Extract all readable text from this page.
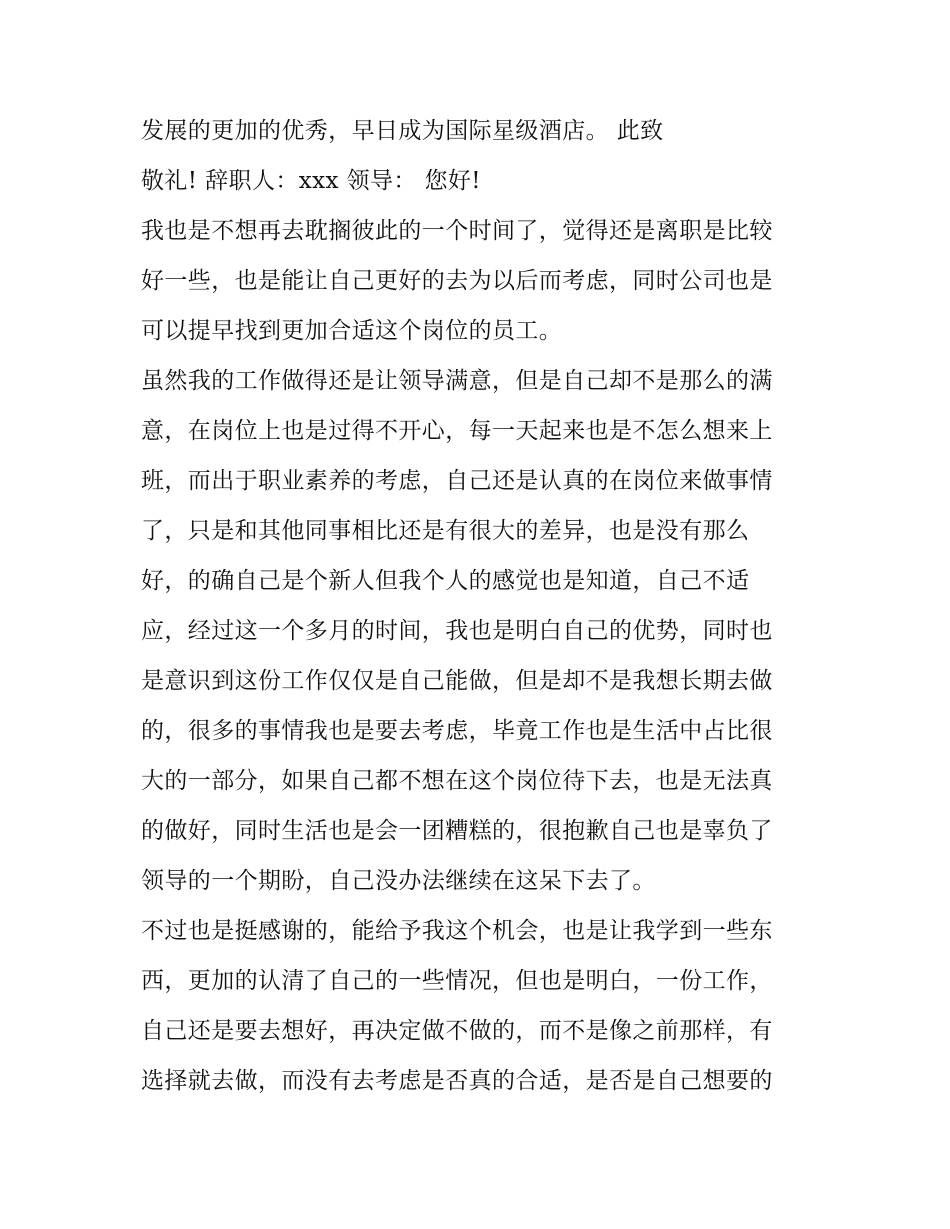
发展的更加的优秀，早日成为国际星级酒店。 此致
敬礼! 辞职人：xxx 领导： 您好!
我也是不想再去耽搁彼此的一个时间了，觉得还是离职是比较
好一些，也是能让自己更好的去为以后而考虑，同时公司也是
可以提早找到更加合适这个岗位的员工。
虽然我的工作做得还是让领导满意，但是自己却不是那么的满
意，在岗位上也是过得不开心，每一天起来也是不怎么想来上
班，而出于职业素养的考虑，自己还是认真的在岗位来做事情
了，只是和其他同事相比还是有很大的差异，也是没有那么
好，的确自己是个新人但我个人的感觉也是知道，自己不适
应，经过这一个多月的时间，我也是明白自己的优势，同时也
是意识到这份工作仅仅是自己能做，但是却不是我想长期去做
的，很多的事情我也是要去考虑，毕竟工作也是生活中占比很
大的一部分，如果自己都不想在这个岗位待下去，也是无法真
的做好，同时生活也是会一团糟糕的，很抱歉自己也是辜负了
领导的一个期盼，自己没办法继续在这呆下去了。
不过也是挺感谢的，能给予我这个机会，也是让我学到一些东
西，更加的认清了自己的一些情况，但也是明白，一份工作，
自己还是要去想好，再决定做不做的，而不是像之前那样，有
选择就去做，而没有去考虑是否真的合适，是否是自己想要的
